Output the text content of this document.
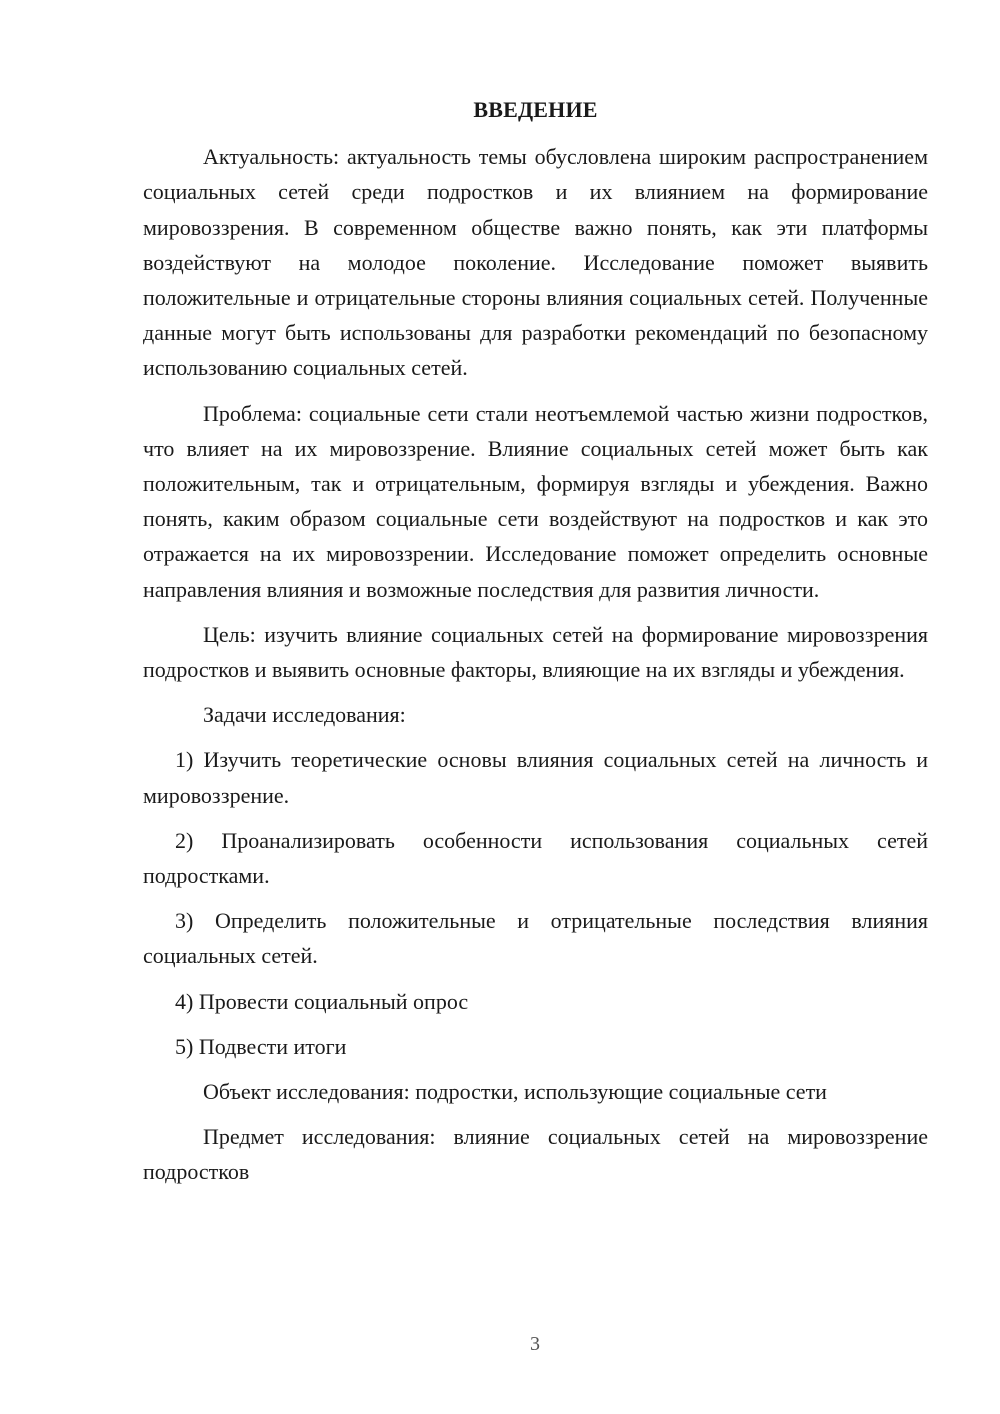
ВВЕДЕНИЕ

Актуальность: актуальность темы обусловлена широким распространением социальных сетей среди подростков и их влиянием на формирование мировоззрения. В современном обществе важно понять, как эти платформы воздействуют на молодое поколение. Исследование поможет выявить положительные и отрицательные стороны влияния социальных сетей. Полученные данные могут быть использованы для разработки рекомендаций по безопасному использованию социальных сетей.

Проблема: социальные сети стали неотъемлемой частью жизни подростков, что влияет на их мировоззрение. Влияние социальных сетей может быть как положительным, так и отрицательным, формируя взгляды и убеждения. Важно понять, каким образом социальные сети воздействуют на подростков и как это отражается на их мировоззрении. Исследование поможет определить основные направления влияния и возможные последствия для развития личности.

Цель: изучить влияние социальных сетей на формирование мировоззрения подростков и выявить основные факторы, влияющие на их взгляды и убеждения.

Задачи исследования:

1) Изучить теоретические основы влияния социальных сетей на личность и мировоззрение.

2) Проанализировать особенности использования социальных сетей подростками.

3) Определить положительные и отрицательные последствия влияния социальных сетей.

4) Провести социальный опрос

5) Подвести итоги

Объект исследования: подростки, использующие социальные сети

Предмет исследования: влияние социальных сетей на мировоззрение подростков

3
